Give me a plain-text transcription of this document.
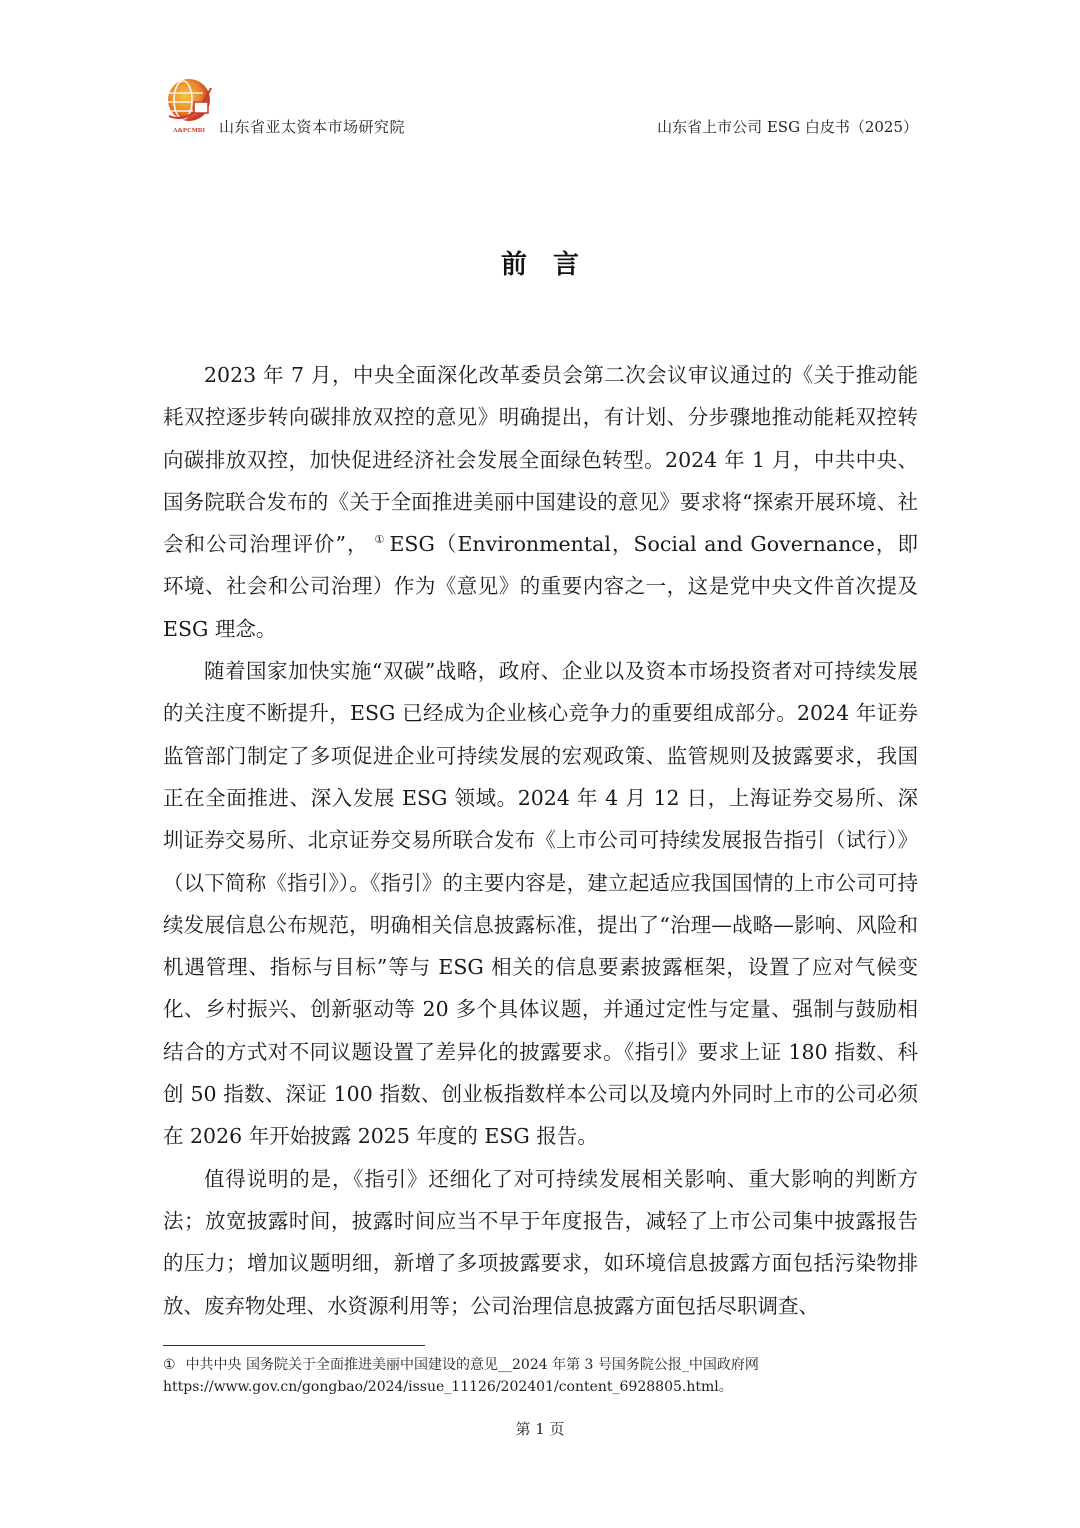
A&PCMRI 山东省亚太资本市场研究院	山东省上市公司 ESG 白皮书（2025）
前言

2023 年 7 月，中央全面深化改革委员会第二次会议审议通过的《关于推动能耗双控逐步转向碳排放双控的意见》明确提出，有计划、分步骤地推动能耗双控转向碳排放双控，加快促进经济社会发展全面绿色转型。2024 年 1 月，中共中央、国务院联合发布的《关于全面推进美丽中国建设的意见》要求将“探索开展环境、社会和公司治理评价”， ① ESG（Environmental，Social and Governance，即环境、社会和公司治理）作为《意见》的重要内容之一，这是党中央文件首次提及 ESG 理念。

随着国家加快实施“双碳”战略，政府、企业以及资本市场投资者对可持续发展的关注度不断提升，ESG 已经成为企业核心竞争力的重要组成部分。2024 年证券监管部门制定了多项促进企业可持续发展的宏观政策、监管规则及披露要求，我国正在全面推进、深入发展 ESG 领域。2024 年 4 月 12 日，上海证券交易所、深圳证券交易所、北京证券交易所联合发布《上市公司可持续发展报告指引（试行）》（以下简称《指引》）。《指引》的主要内容是，建立起适应我国国情的上市公司可持续发展信息公布规范，明确相关信息披露标准，提出了“治理—战略—影响、风险和机遇管理、指标与目标”等与 ESG 相关的信息要素披露框架，设置了应对气候变化、乡村振兴、创新驱动等 20 多个具体议题，并通过定性与定量、强制与鼓励相结合的方式对不同议题设置了差异化的披露要求。《指引》要求上证 180 指数、科创 50 指数、深证 100 指数、创业板指数样本公司以及境内外同时上市的公司必须在 2026 年开始披露 2025 年度的 ESG 报告。

值得说明的是，《指引》还细化了对可持续发展相关影响、重大影响的判断方法；放宽披露时间，披露时间应当不早于年度报告，减轻了上市公司集中披露报告的压力；增加议题明细，新增了多项披露要求，如环境信息披露方面包括污染物排放、废弃物处理、水资源利用等；公司治理信息披露方面包括尽职调查、

① 中共中央 国务院关于全面推进美丽中国建设的意见__2024 年第 3 号国务院公报_中国政府网
https://www.gov.cn/gongbao/2024/issue_11126/202401/content_6928805.html。
第 1 页
